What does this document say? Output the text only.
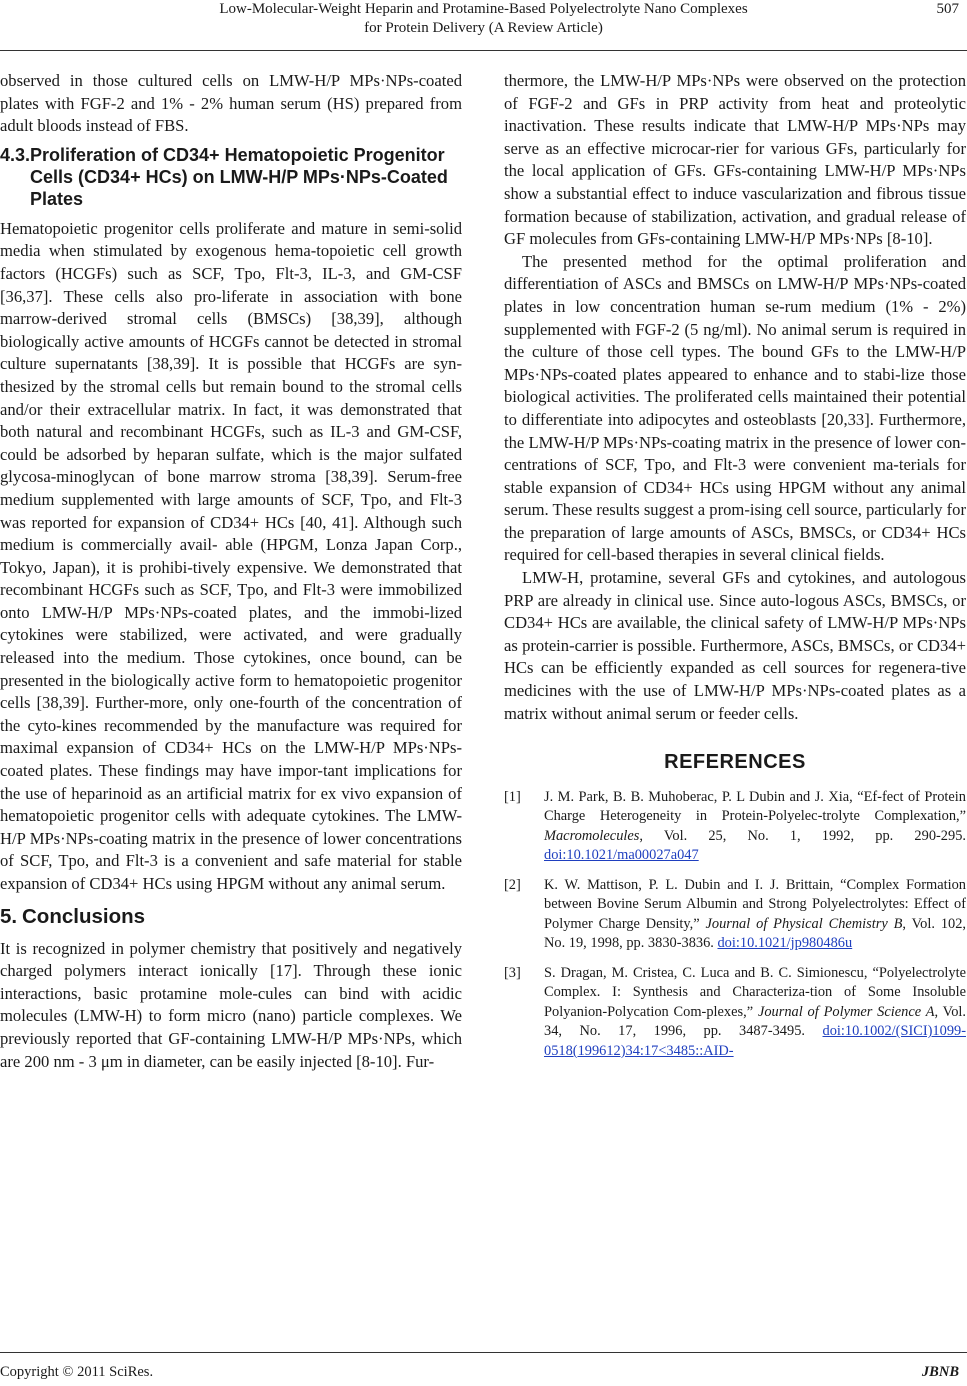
Low-Molecular-Weight Heparin and Protamine-Based Polyelectrolyte Nano Complexes
for Protein Delivery (A Review Article)
507

observed in those cultured cells on LMW-H/P MPs·NPs-coated plates with FGF-2 and 1% - 2% human serum (HS) prepared from adult bloods instead of FBS.

4.3. Proliferation of CD34+ Hematopoietic Progenitor Cells (CD34+ HCs) on LMW-H/P MPs·NPs-Coated Plates

Hematopoietic progenitor cells proliferate and mature in semi-solid media when stimulated by exogenous hema-topoietic cell growth factors (HCGFs) such as SCF, Tpo, Flt-3, IL-3, and GM-CSF [36,37]. These cells also pro-liferate in association with bone marrow-derived stromal cells (BMSCs) [38,39], although biologically active amounts of HCGFs cannot be detected in stromal culture supernatants [38,39]. It is possible that HCGFs are syn-thesized by the stromal cells but remain bound to the stromal cells and/or their extracellular matrix. In fact, it was demonstrated that both natural and recombinant HCGFs, such as IL-3 and GM-CSF, could be adsorbed by heparan sulfate, which is the major sulfated glycosa-minoglycan of bone marrow stroma [38,39]. Serum-free medium supplemented with large amounts of SCF, Tpo, and Flt-3 was reported for expansion of CD34+ HCs [40, 41]. Although such medium is commercially avail- able (HPGM, Lonza Japan Corp., Tokyo, Japan), it is prohibi-tively expensive. We demonstrated that recombinant HCGFs such as SCF, Tpo, and Flt-3 were immobilized onto LMW-H/P MPs·NPs-coated plates, and the immobi-lized cytokines were stabilized, were activated, and were gradually released into the medium. Those cytokines, once bound, can be presented in the biologically active form to hematopoietic progenitor cells [38,39]. Further-more, only one-fourth of the concentration of the cyto-kines recommended by the manufacture was required for maximal expansion of CD34+ HCs on the LMW-H/P MPs·NPs-coated plates. These findings may have impor-tant implications for the use of heparinoid as an artificial matrix for ex vivo expansion of hematopoietic progenitor cells with adequate cytokines. The LMW-H/P MPs·NPs-coating matrix in the presence of lower concentrations of SCF, Tpo, and Flt-3 is a convenient and safe material for stable expansion of CD34+ HCs using HPGM without any animal serum.

5. Conclusions

It is recognized in polymer chemistry that positively and negatively charged polymers interact ionically [17]. Through these ionic interactions, basic protamine mole-cules can bind with acidic molecules (LMW-H) to form micro (nano) particle complexes. We previously reported that GF-containing LMW-H/P MPs·NPs, which are 200 nm - 3 μm in diameter, can be easily injected [8-10]. Fur-

thermore, the LMW-H/P MPs·NPs were observed on the protection of FGF-2 and GFs in PRP activity from heat and proteolytic inactivation. These results indicate that LMW-H/P MPs·NPs may serve as an effective microcar-rier for various GFs, particularly for the local application of GFs. GFs-containing LMW-H/P MPs·NPs show a substantial effect to induce vascularization and fibrous tissue formation because of stabilization, activation, and gradual release of GF molecules from GFs-containing LMW-H/P MPs·NPs [8-10].

The presented method for the optimal proliferation and differentiation of ASCs and BMSCs on LMW-H/P MPs·NPs-coated plates in low concentration human se-rum medium (1% - 2%) supplemented with FGF-2 (5 ng/ml). No animal serum is required in the culture of those cell types. The bound GFs to the LMW-H/P MPs·NPs-coated plates appeared to enhance and to stabi-lize those biological activities. The proliferated cells maintained their potential to differentiate into adipocytes and osteoblasts [20,33]. Furthermore, the LMW-H/P MPs·NPs-coating matrix in the presence of lower con-centrations of SCF, Tpo, and Flt-3 were convenient ma-terials for stable expansion of CD34+ HCs using HPGM without any animal serum. These results suggest a prom-ising cell source, particularly for the preparation of large amounts of ASCs, BMSCs, or CD34+ HCs required for cell-based therapies in several clinical fields.

LMW-H, protamine, several GFs and cytokines, and autologous PRP are already in clinical use. Since auto-logous ASCs, BMSCs, or CD34+ HCs are available, the clinical safety of LMW-H/P MPs·NPs as protein-carrier is possible. Furthermore, ASCs, BMSCs, or CD34+ HCs can be efficiently expanded as cell sources for regenera-tive medicines with the use of LMW-H/P MPs·NPs-coated plates as a matrix without animal serum or feeder cells.

REFERENCES
[1]	J. M. Park, B. B. Muhoberac, P. L Dubin and J. Xia, “Ef-fect of Protein Charge Heterogeneity in Protein-Polyelec-trolyte Complexation,” Macromolecules, Vol. 25, No. 1, 1992, pp. 290-295. doi:10.1021/ma00027a047
[2]	K. W. Mattison, P. L. Dubin and I. J. Brittain, “Complex Formation between Bovine Serum Albumin and Strong Polyelectrolytes: Effect of Polymer Charge Density,” Journal of Physical Chemistry B, Vol. 102, No. 19, 1998, pp. 3830-3836. doi:10.1021/jp980486u
[3]	S. Dragan, M. Cristea, C. Luca and B. C. Simionescu, “Polyelectrolyte Complex. I: Synthesis and Characteriza-tion of Some Insoluble Polyanion-Polycation Com-plexes,” Journal of Polymer Science A, Vol. 34, No. 17, 1996, pp. 3487-3495. doi:10.1002/(SICI)1099-0518(199612)34:17<3485::AID-
Copyright © 2011 SciRes.	JBNB
